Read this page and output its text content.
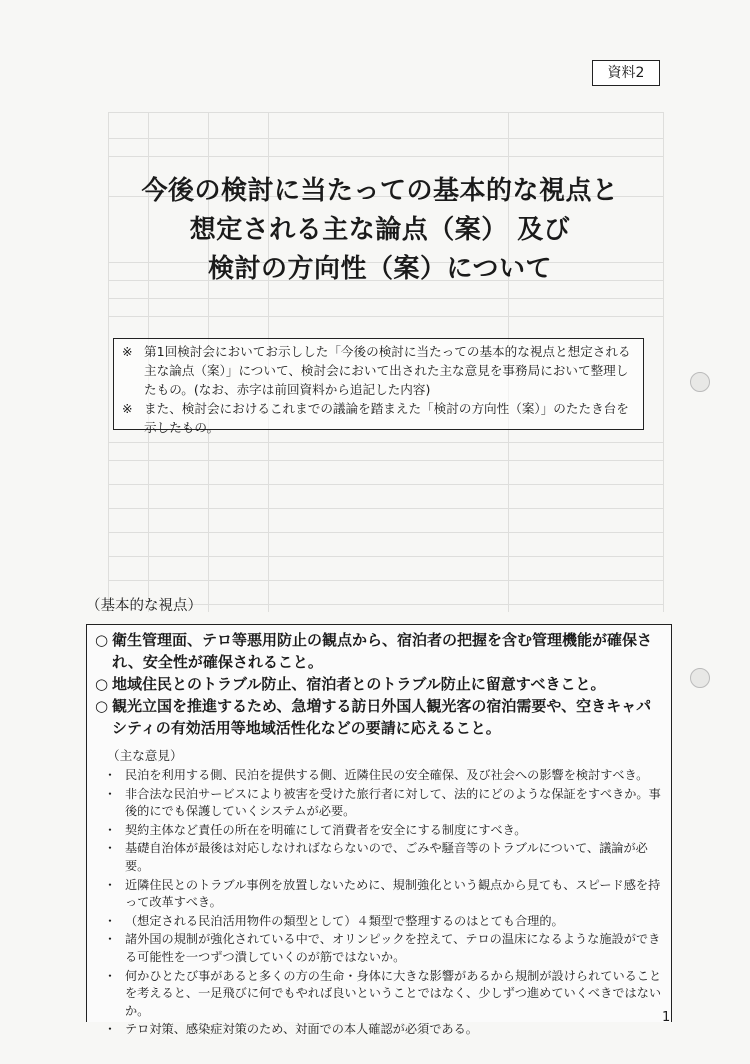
資料2
今後の検討に当たっての基本的な視点と
想定される主な論点（案） 及び
検討の方向性（案）について

※ 第1回検討会においてお示しした「今後の検討に当たっての基本的な視点と想定される主な論点（案）」について、検討会において出された主な意見を事務局において整理したもの。(なお、赤字は前回資料から追記した内容)

※ また、検討会におけるこれまでの議論を踏まえた「検討の方向性（案）」のたたき台を示したもの。

（基本的な視点）

○ 衛生管理面、テロ等悪用防止の観点から、宿泊者の把握を含む管理機能が確保され、安全性が確保されること。

○ 地域住民とのトラブル防止、宿泊者とのトラブル防止に留意すべきこと。

○ 観光立国を推進するため、急増する訪日外国人観光客の宿泊需要や、空きキャパシティの有効活用等地域活性化などの要請に応えること。

（主な意見）
・ 民泊を利用する側、民泊を提供する側、近隣住民の安全確保、及び社会への影響を検討すべき。
・ 非合法な民泊サービスにより被害を受けた旅行者に対して、法的にどのような保証をすべきか。事後的にでも保護していくシステムが必要。
・ 契約主体など責任の所在を明確にして消費者を安全にする制度にすべき。
・ 基礎自治体が最後は対応しなければならないので、ごみや騒音等のトラブルについて、議論が必要。
・ 近隣住民とのトラブル事例を放置しないために、規制強化という観点から見ても、スピード感を持って改革すべき。
・ （想定される民泊活用物件の類型として）４類型で整理するのはとても合理的。
・ 諸外国の規制が強化されている中で、オリンピックを控えて、テロの温床になるような施設ができる可能性を一つずつ潰していくのが筋ではないか。
・ 何かひとたび事があると多くの方の生命・身体に大きな影響があるから規制が設けられていることを考えると、一足飛びに何でもやれば良いということではなく、少しずつ進めていくべきではないか。
・ テロ対策、感染症対策のため、対面での本人確認が必須である。
1
